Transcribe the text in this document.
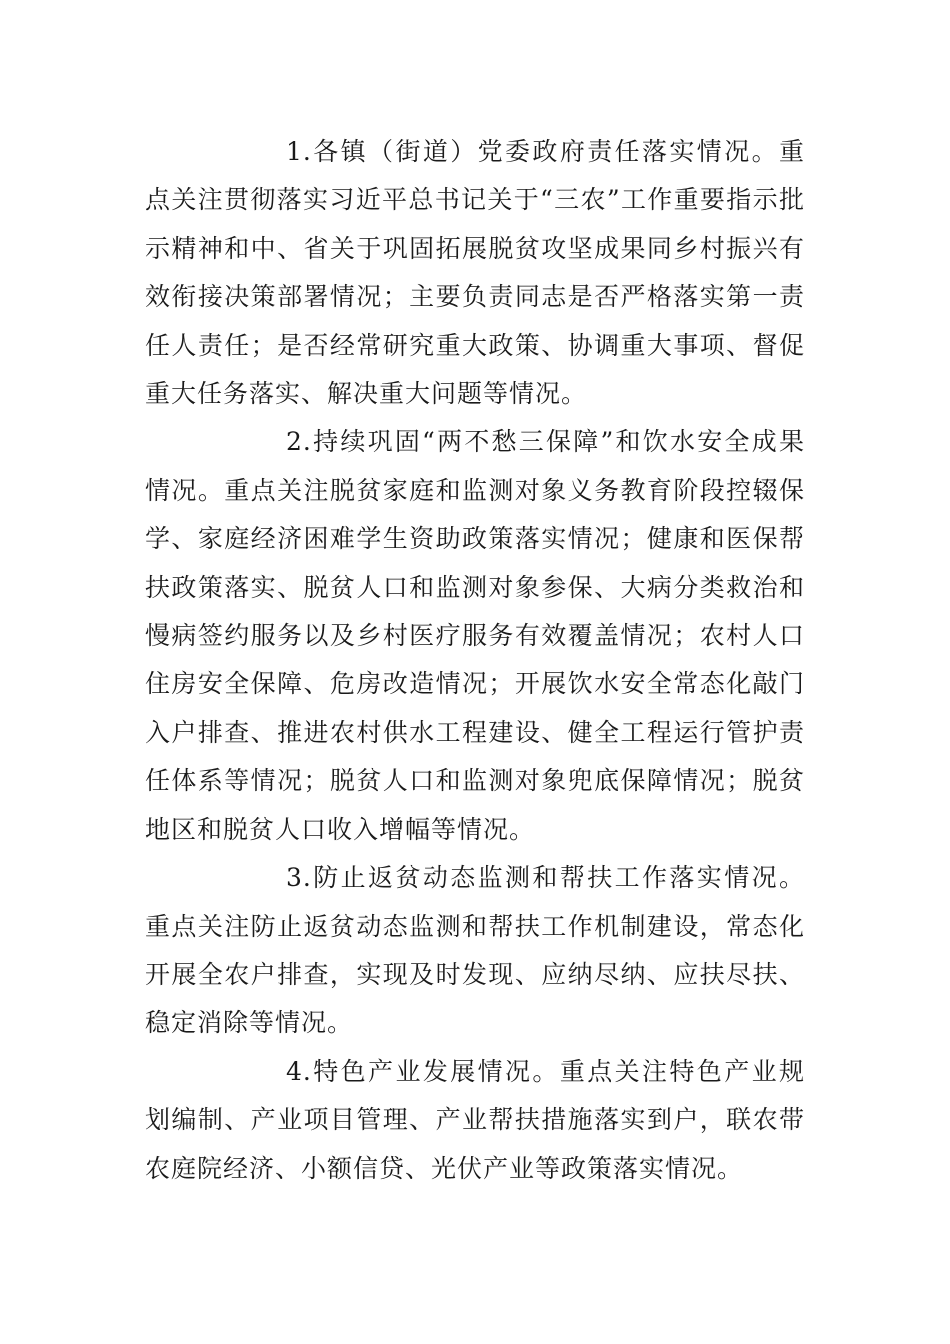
1.各镇（街道）党委政府责任落实情况。重点关注贯彻落实习近平总书记关于“三农”工作重要指示批示精神和中、省关于巩固拓展脱贫攻坚成果同乡村振兴有效衔接决策部署情况；主要负责同志是否严格落实第一责任人责任；是否经常研究重大政策、协调重大事项、督促重大任务落实、解决重大问题等情况。

2.持续巩固“两不愁三保障”和饮水安全成果情况。重点关注脱贫家庭和监测对象义务教育阶段控辍保学、家庭经济困难学生资助政策落实情况；健康和医保帮扶政策落实、脱贫人口和监测对象参保、大病分类救治和慢病签约服务以及乡村医疗服务有效覆盖情况；农村人口住房安全保障、危房改造情况；开展饮水安全常态化敲门入户排查、推进农村供水工程建设、健全工程运行管护责任体系等情况；脱贫人口和监测对象兜底保障情况；脱贫地区和脱贫人口收入增幅等情况。

3.防止返贫动态监测和帮扶工作落实情况。重点关注防止返贫动态监测和帮扶工作机制建设，常态化开展全农户排查，实现及时发现、应纳尽纳、应扶尽扶、稳定消除等情况。

4.特色产业发展情况。重点关注特色产业规划编制、产业项目管理、产业帮扶措施落实到户，联农带农庭院经济、小额信贷、光伏产业等政策落实情况。
